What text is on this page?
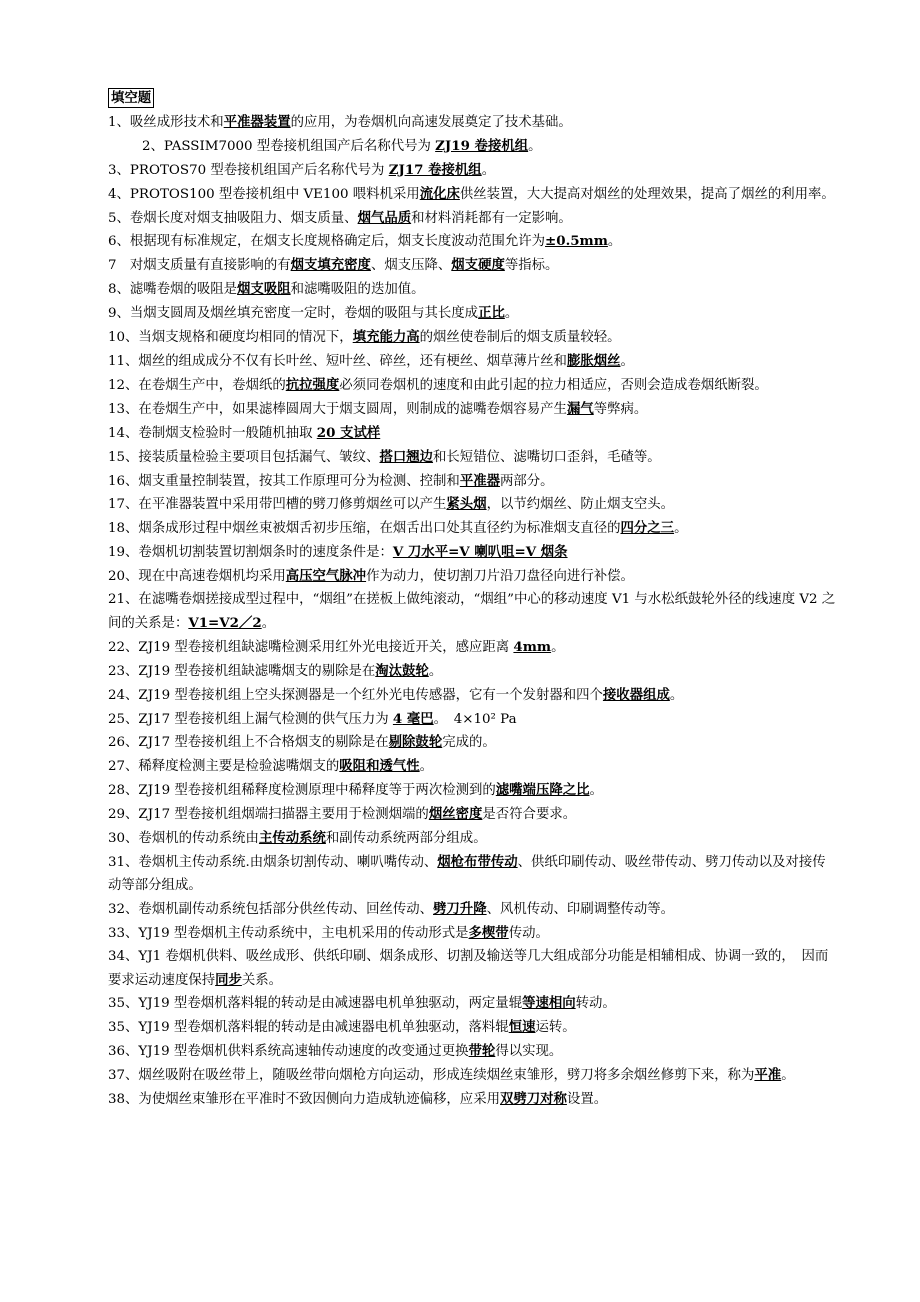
填空题

1、吸丝成形技术和平准器装置的应用，为卷烟机向高速发展奠定了技术基础。

2、PASSIM7000 型卷接机组国产后名称代号为 ZJ19 卷接机组。

3、PROTOS70 型卷接机组国产后名称代号为 ZJ17 卷接机组。

4、PROTOS100 型卷接机组中 VE100 喂料机采用流化床供丝装置，大大提高对烟丝的处理效果，提高了烟丝的利用率。

5、卷烟长度对烟支抽吸阻力、烟支质量、烟气品质和材料消耗都有一定影响。

6、根据现有标准规定，在烟支长度规格确定后，烟支长度波动范围允许为±0.5mm。

7　对烟支质量有直接影响的有烟支填充密度、烟支压降、烟支硬度等指标。

8、滤嘴卷烟的吸阻是烟支吸阻和滤嘴吸阻的迭加值。

9、当烟支圆周及烟丝填充密度一定时，卷烟的吸阻与其长度成正比。

10、当烟支规格和硬度均相同的情况下，填充能力高的烟丝使卷制后的烟支质量较轻。

11、烟丝的组成成分不仅有长叶丝、短叶丝、碎丝，还有梗丝、烟草薄片丝和膨胀烟丝。

12、在卷烟生产中，卷烟纸的抗拉强度必须同卷烟机的速度和由此引起的拉力相适应，否则会造成卷烟纸断裂。

13、在卷烟生产中，如果滤棒圆周大于烟支圆周，则制成的滤嘴卷烟容易产生漏气等弊病。

14、卷制烟支检验时一般随机抽取 20 支试样

15、接装质量检验主要项目包括漏气、皱纹、搭口翘边和长短错位、滤嘴切口歪斜，毛碴等。

16、烟支重量控制装置，按其工作原理可分为检测、控制和平准器两部分。

17、在平准器装置中采用带凹槽的劈刀修剪烟丝可以产生紧头烟，以节约烟丝、防止烟支空头。

18、烟条成形过程中烟丝束被烟舌初步压缩，在烟舌出口处其直径约为标准烟支直径的四分之三。

19、卷烟机切割装置切割烟条时的速度条件是：V 刀水平=V 喇叭咀=V 烟条

20、现在中高速卷烟机均采用高压空气脉冲作为动力，使切割刀片沿刀盘径向进行补偿。

21、在滤嘴卷烟搓接成型过程中，“烟组”在搓板上做纯滚动，“烟组”中心的移动速度 V1 与水松纸鼓轮外径的线速度 V2 之间的关系是：V1=V2／2。

22、ZJ19 型卷接机组缺滤嘴检测采用红外光电接近开关，感应距离 4mm。

23、ZJ19 型卷接机组缺滤嘴烟支的剔除是在淘汰鼓轮。

24、ZJ19 型卷接机组上空头探测器是一个红外光电传感器，它有一个发射器和四个接收器组成。

25、ZJ17 型卷接机组上漏气检测的供气压力为 4 毫巴。　4×10² Pa

26、ZJ17 型卷接机组上不合格烟支的剔除是在剔除鼓轮完成的。

27、稀释度检测主要是检验滤嘴烟支的吸阻和透气性。

28、ZJ19 型卷接机组稀释度检测原理中稀释度等于两次检测到的滤嘴端压降之比。

29、ZJ17 型卷接机组烟端扫描器主要用于检测烟端的烟丝密度是否符合要求。

30、卷烟机的传动系统由主传动系统和副传动系统两部分组成。

31、卷烟机主传动系统.由烟条切割传动、喇叭嘴传动、烟枪布带传动、供纸印刷传动、吸丝带传动、劈刀传动以及对接传动等部分组成。

32、卷烟机副传动系统包括部分供丝传动、回丝传动、劈刀升降、风机传动、印刷调整传动等。

33、YJ19 型卷烟机主传动系统中，主电机采用的传动形式是多楔带传动。

34、YJ1 卷烟机供料、吸丝成形、供纸印刷、烟条成形、切割及输送等几大组成部分功能是相辅相成、协调一致的，　因而要求运动速度保持同步关系。

35、YJ19 型卷烟机落料辊的转动是由减速器电机单独驱动，两定量辊等速相向转动。

35、YJ19 型卷烟机落料辊的转动是由减速器电机单独驱动，落料辊恒速运转。

36、YJ19 型卷烟机供料系统高速轴传动速度的改变通过更换带轮得以实现。

37、烟丝吸附在吸丝带上，随吸丝带向烟枪方向运动，形成连续烟丝束雏形，劈刀将多余烟丝修剪下来，称为平准。

38、为使烟丝束雏形在平准时不致因侧向力造成轨迹偏移，应采用双劈刀对称设置。
